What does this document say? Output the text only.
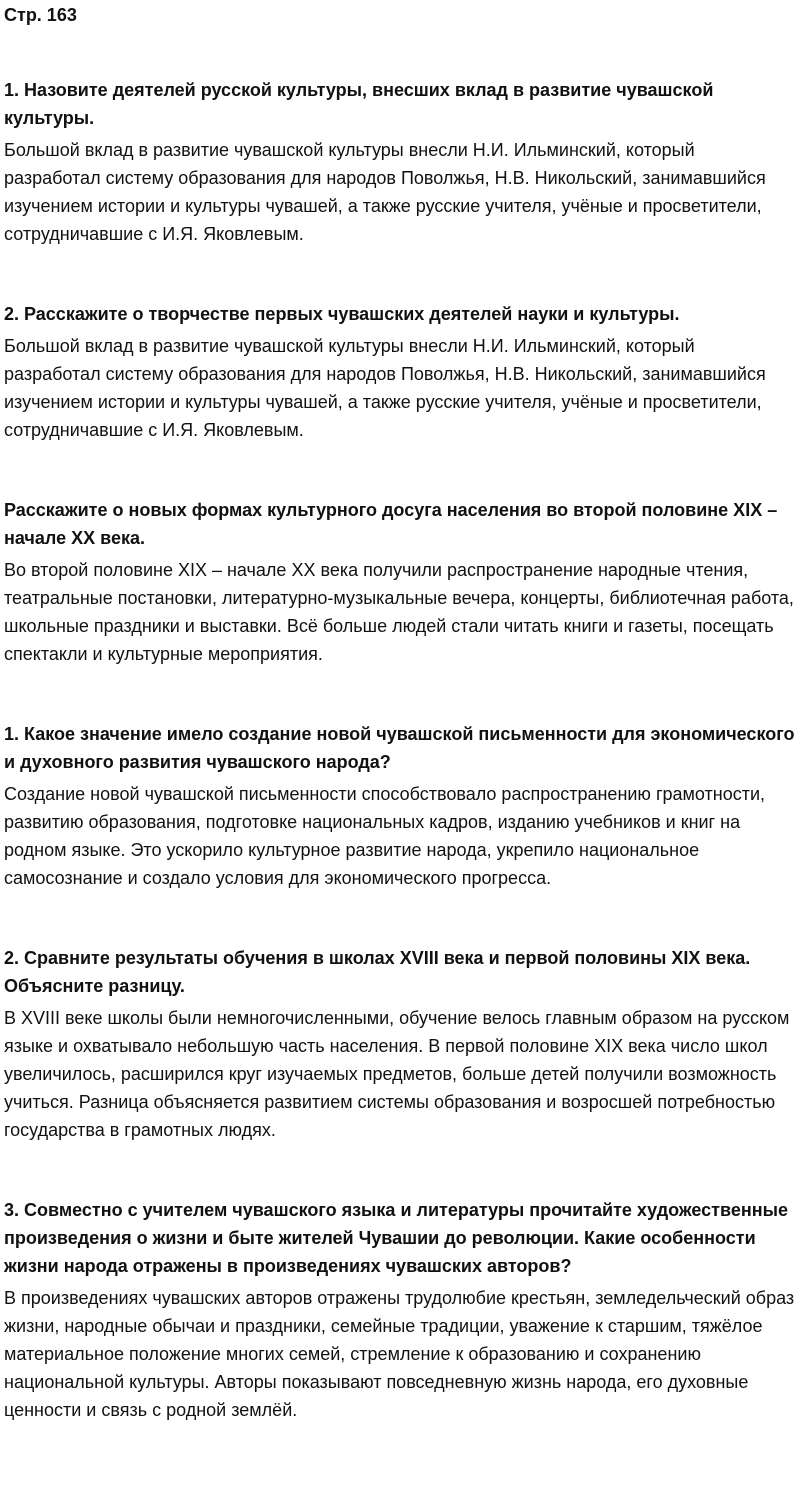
Стр. 163

1. Назовите деятелей русской культуры, внесших вклад в развитие чувашской культуры.

Большой вклад в развитие чувашской культуры внесли Н.И. Ильминский, который разработал систему образования для народов Поволжья, Н.В. Никольский, занимавшийся изучением истории и культуры чувашей, а также русские учителя, учёные и просветители, сотрудничавшие с И.Я. Яковлевым.

2. Расскажите о творчестве первых чувашских деятелей науки и культуры.

Большой вклад в развитие чувашской культуры внесли Н.И. Ильминский, который разработал систему образования для народов Поволжья, Н.В. Никольский, занимавшийся изучением истории и культуры чувашей, а также русские учителя, учёные и просветители, сотрудничавшие с И.Я. Яковлевым.

Расскажите о новых формах культурного досуга населения во второй половине XIX – начале XX века.

Во второй половине XIX – начале XX века получили распространение народные чтения, театральные постановки, литературно-музыкальные вечера, концерты, библиотечная работа, школьные праздники и выставки. Всё больше людей стали читать книги и газеты, посещать спектакли и культурные мероприятия.

1. Какое значение имело создание новой чувашской письменности для экономического и духовного развития чувашского народа?

Создание новой чувашской письменности способствовало распространению грамотности, развитию образования, подготовке национальных кадров, изданию учебников и книг на родном языке. Это ускорило культурное развитие народа, укрепило национальное самосознание и создало условия для экономического прогресса.

2. Сравните результаты обучения в школах XVIII века и первой половины XIX века. Объясните разницу.

В XVIII веке школы были немногочисленными, обучение велось главным образом на русском языке и охватывало небольшую часть населения. В первой половине XIX века число школ увеличилось, расширился круг изучаемых предметов, больше детей получили возможность учиться. Разница объясняется развитием системы образования и возросшей потребностью государства в грамотных людях.

3. Совместно с учителем чувашского языка и литературы прочитайте художественные произведения о жизни и быте жителей Чувашии до революции. Какие особенности жизни народа отражены в произведениях чувашских авторов?

В произведениях чувашских авторов отражены трудолюбие крестьян, земледельческий образ жизни, народные обычаи и праздники, семейные традиции, уважение к старшим, тяжёлое материальное положение многих семей, стремление к образованию и сохранению национальной культуры. Авторы показывают повседневную жизнь народа, его духовные ценности и связь с родной землёй.
